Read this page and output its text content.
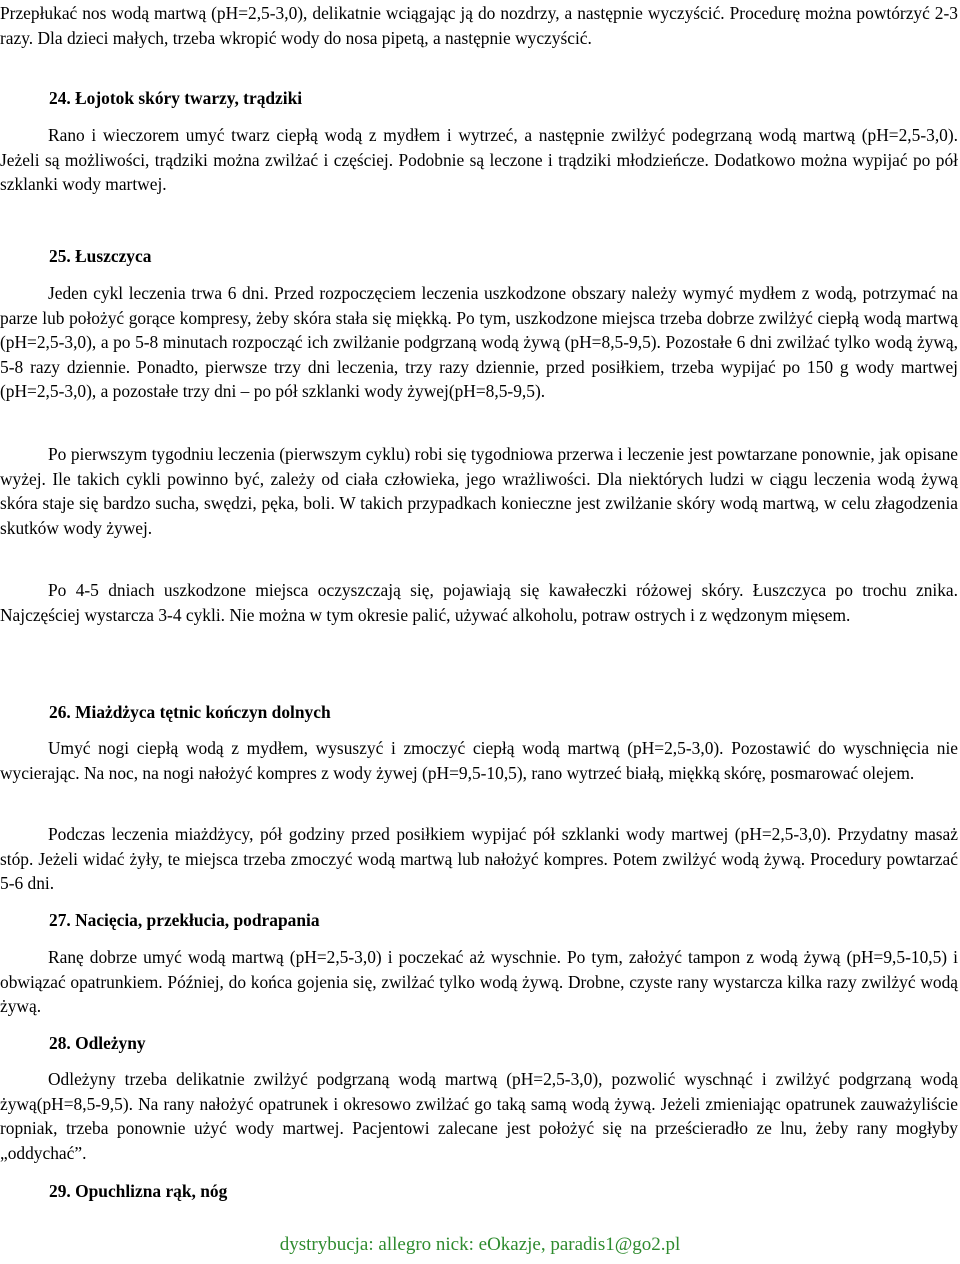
Przepłukać nos wodą martwą (pH=2,5-3,0), delikatnie wciągając ją do nozdrzy, a następnie wyczyścić. Procedurę można powtórzyć 2-3 razy. Dla dzieci małych, trzeba wkropić wody do nosa pipetą, a następnie wyczyścić.

24. Łojotok skóry twarzy, trądziki

Rano i wieczorem umyć twarz ciepłą wodą z mydłem i wytrzeć, a następnie zwilżyć podegrzaną wodą martwą (pH=2,5-3,0). Jeżeli są możliwości, trądziki można zwilżać i częściej. Podobnie są leczone i trądziki młodzieńcze. Dodatkowo można wypijać po pół szklanki wody martwej.

25. Łuszczyca

Jeden cykl leczenia trwa 6 dni. Przed rozpoczęciem leczenia uszkodzone obszary należy wymyć mydłem z wodą, potrzymać na parze lub położyć gorące kompresy, żeby skóra stała się miękką. Po tym, uszkodzone miejsca trzeba dobrze zwilżyć ciepłą wodą martwą (pH=2,5-3,0), a po 5-8 minutach rozpocząć ich zwilżanie podgrzaną wodą żywą (pH=8,5-9,5). Pozostałe 6 dni zwilżać tylko wodą żywą, 5-8 razy dziennie. Ponadto, pierwsze trzy dni leczenia, trzy razy dziennie, przed posiłkiem, trzeba wypijać po 150 g wody martwej (pH=2,5-3,0), a pozostałe trzy dni – po pół szklanki wody żywej(pH=8,5-9,5).

Po pierwszym tygodniu leczenia (pierwszym cyklu) robi się tygodniowa przerwa i leczenie jest powtarzane ponownie, jak opisane wyżej. Ile takich cykli powinno być, zależy od ciała człowieka, jego wrażliwości. Dla niektórych ludzi w ciągu leczenia wodą żywą skóra staje się bardzo sucha, swędzi, pęka, boli. W takich przypadkach konieczne jest zwilżanie skóry wodą martwą, w celu złagodzenia skutków wody żywej.

Po 4-5 dniach uszkodzone miejsca oczyszczają się, pojawiają się kawałeczki różowej skóry. Łuszczyca po trochu znika. Najczęściej wystarcza 3-4 cykli. Nie można w tym okresie palić, używać alkoholu, potraw ostrych i z wędzonym mięsem.

26. Miażdżyca tętnic kończyn dolnych

Umyć nogi ciepłą wodą z mydłem, wysuszyć i zmoczyć ciepłą wodą martwą (pH=2,5-3,0). Pozostawić do wyschnięcia nie wycierając. Na noc, na nogi nałożyć kompres z wody żywej (pH=9,5-10,5), rano wytrzeć białą, miękką skórę, posmarować olejem.

Podczas leczenia miażdżycy, pół godziny przed posiłkiem wypijać pół szklanki wody martwej (pH=2,5-3,0). Przydatny masaż stóp. Jeżeli widać żyły, te miejsca trzeba zmoczyć wodą martwą lub nałożyć kompres. Potem zwilżyć wodą żywą. Procedury powtarzać 5-6 dni.

27. Nacięcia, przekłucia, podrapania

Ranę dobrze umyć wodą martwą (pH=2,5-3,0) i poczekać aż wyschnie. Po tym, założyć tampon z wodą żywą (pH=9,5-10,5) i obwiązać opatrunkiem. Później, do końca gojenia się, zwilżać tylko wodą żywą. Drobne, czyste rany wystarcza kilka razy zwilżyć wodą żywą.

28. Odleżyny

Odleżyny trzeba delikatnie zwilżyć podgrzaną wodą martwą (pH=2,5-3,0), pozwolić wyschnąć i zwilżyć podgrzaną wodą żywą(pH=8,5-9,5). Na rany nałożyć opatrunek i okresowo zwilżać go taką samą wodą żywą. Jeżeli zmieniając opatrunek zauważyliście ropniak, trzeba ponownie użyć wody martwej. Pacjentowi zalecane jest położyć się na prześcieradło ze lnu, żeby rany mogłyby „oddychać”.

29. Opuchlizna rąk, nóg
dystrybucja: allegro nick: eOkazje, paradis1@go2.pl
